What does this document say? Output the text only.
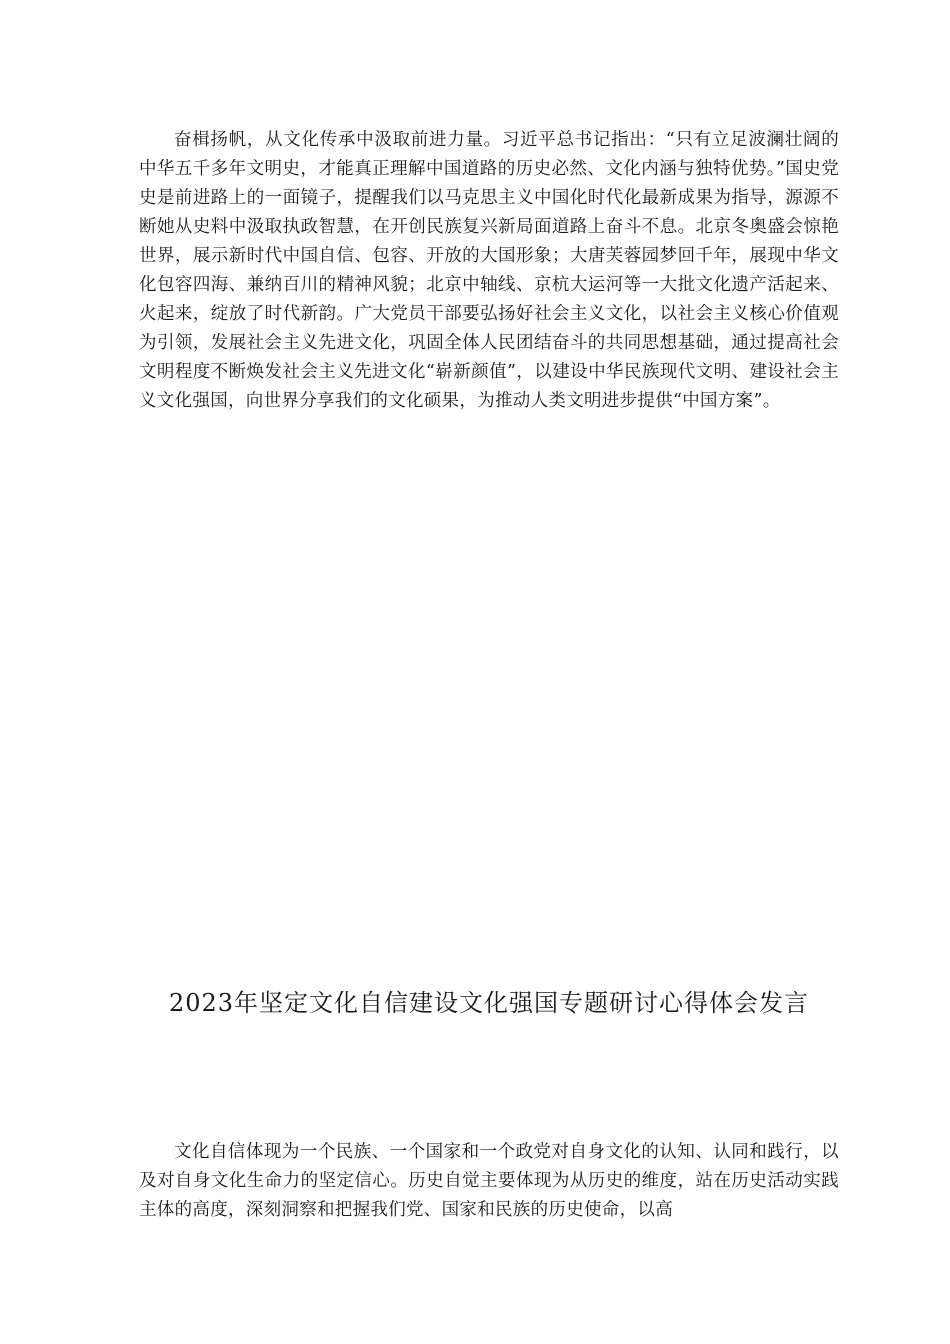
奋楫扬帆，从文化传承中汲取前进力量。习近平总书记指出：“只有立足波澜壮阔的中华五千多年文明史，才能真正理解中国道路的历史必然、文化内涵与独特优势。”国史党史是前进路上的一面镜子，提醒我们以马克思主义中国化时代化最新成果为指导，源源不断她从史料中汲取执政智慧，在开创民族复兴新局面道路上奋斗不息。北京冬奥盛会惊艳世界，展示新时代中国自信、包容、开放的大国形象；大唐芙蓉园梦回千年，展现中华文化包容四海、兼纳百川的精神风貌；北京中轴线、京杭大运河等一大批文化遗产活起来、火起来，绽放了时代新韵。广大党员干部要弘扬好社会主义文化，以社会主义核心价值观为引领，发展社会主义先进文化，巩固全体人民团结奋斗的共同思想基础，通过提高社会文明程度不断焕发社会主义先进文化“崭新颜值”，以建设中华民族现代文明、建设社会主义文化强国，向世界分享我们的文化硕果，为推动人类文明进步提供“中国方案”。

2023年坚定文化自信建设文化强国专题研讨心得体会发言

文化自信体现为一个民族、一个国家和一个政党对自身文化的认知、认同和践行，以及对自身文化生命力的坚定信心。历史自觉主要体现为从历史的维度，站在历史活动实践主体的高度，深刻洞察和把握我们党、国家和民族的历史使命，以高
